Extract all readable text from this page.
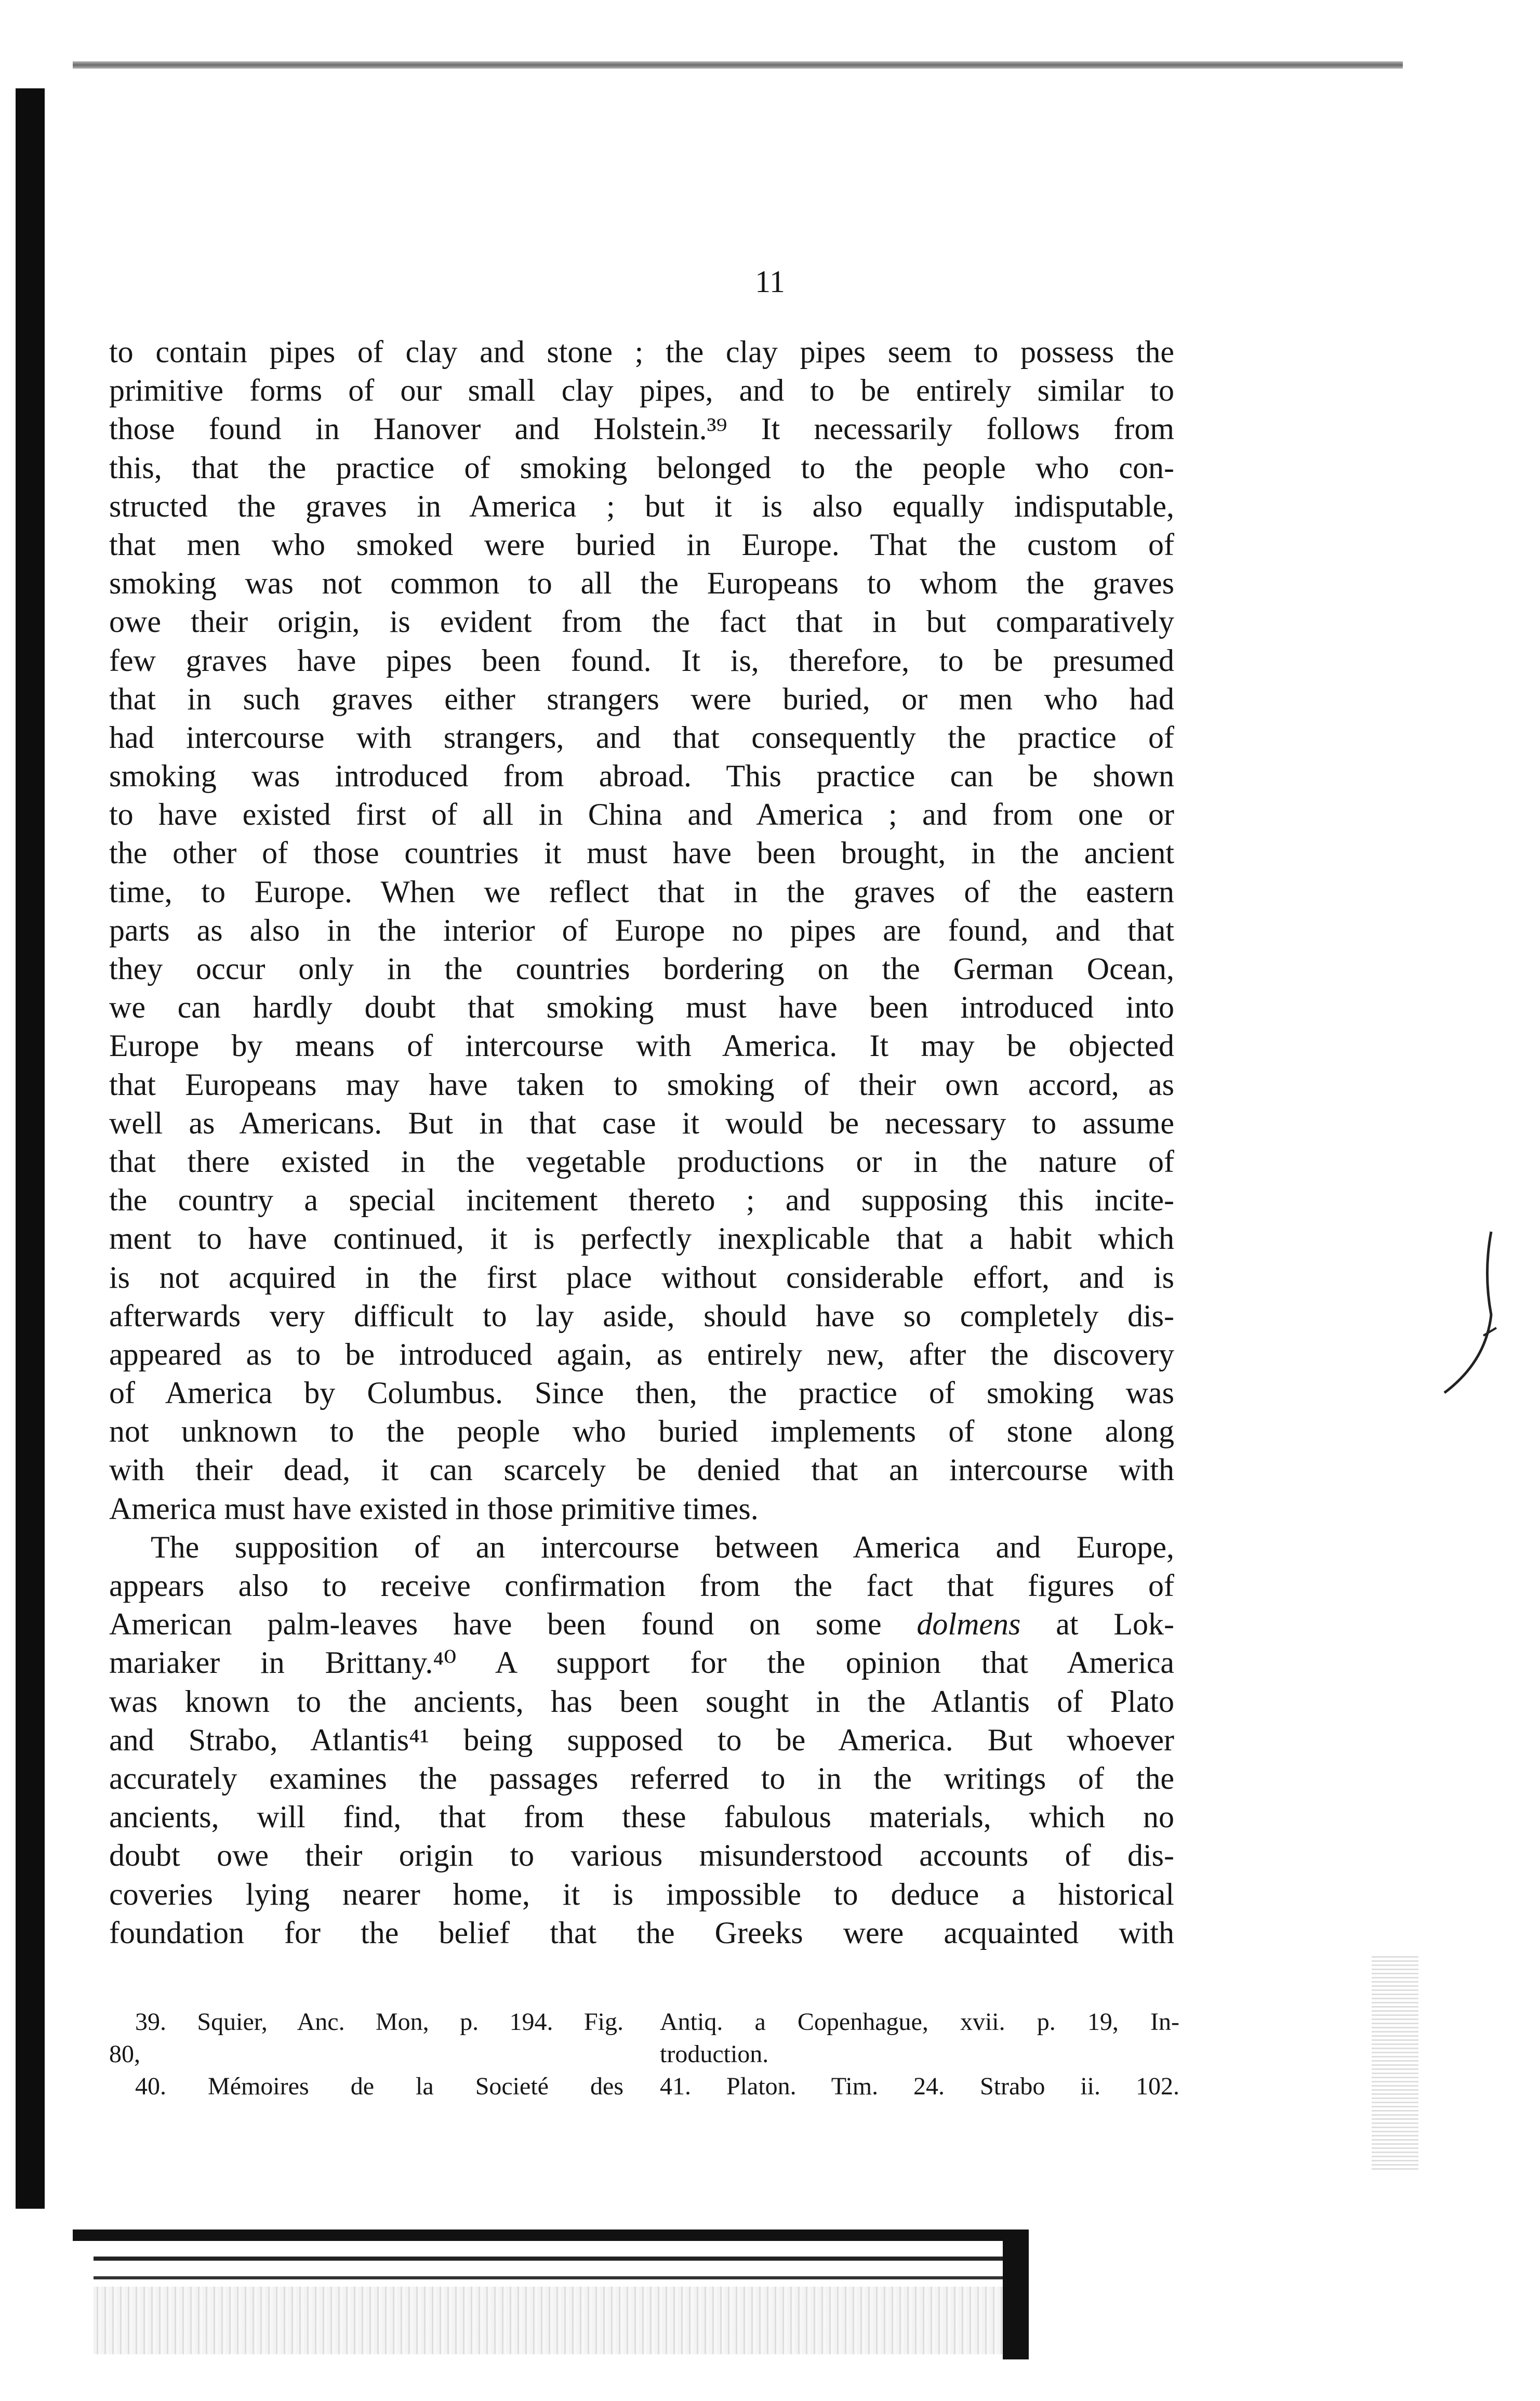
11
to contain pipes of clay and stone ; the clay pipes seem to possess the
primitive forms of our small clay pipes, and to be entirely similar to
those found in Hanover and Holstein.³⁹ It necessarily follows from
this, that the practice of smoking belonged to the people who con-
structed the graves in America ; but it is also equally indisputable,
that men who smoked were buried in Europe. That the custom of
smoking was not common to all the Europeans to whom the graves
owe their origin, is evident from the fact that in but comparatively
few graves have pipes been found. It is, therefore, to be presumed
that in such graves either strangers were buried, or men who had
had intercourse with strangers, and that consequently the practice of
smoking was introduced from abroad. This practice can be shown
to have existed first of all in China and America ; and from one or
the other of those countries it must have been brought, in the ancient
time, to Europe. When we reflect that in the graves of the eastern
parts as also in the interior of Europe no pipes are found, and that
they occur only in the countries bordering on the German Ocean,
we can hardly doubt that smoking must have been introduced into
Europe by means of intercourse with America. It may be objected
that Europeans may have taken to smoking of their own accord, as
well as Americans. But in that case it would be necessary to assume
that there existed in the vegetable productions or in the nature of
the country a special incitement thereto ; and supposing this incite-
ment to have continued, it is perfectly inexplicable that a habit which
is not acquired in the first place without considerable effort, and is
afterwards very difficult to lay aside, should have so completely dis-
appeared as to be introduced again, as entirely new, after the discovery
of America by Columbus. Since then, the practice of smoking was
not unknown to the people who buried implements of stone along
with their dead, it can scarcely be denied that an intercourse with
America must have existed in those primitive times.
The supposition of an intercourse between America and Europe,
appears also to receive confirmation from the fact that figures of
American palm-leaves have been found on some dolmens at Lok-
mariaker in Brittany.⁴⁰ A support for the opinion that America
was known to the ancients, has been sought in the Atlantis of Plato
and Strabo, Atlantis⁴¹ being supposed to be America. But whoever
accurately examines the passages referred to in the writings of the
ancients, will find, that from these fabulous materials, which no
doubt owe their origin to various misunderstood accounts of dis-
coveries lying nearer home, it is impossible to deduce a historical
foundation for the belief that the Greeks were acquainted with
39. Squier, Anc. Mon, p. 194. Fig.
80,
40. Mémoires de la Societé des
Antiq. a Copenhague, xvii. p. 19, In-
troduction.
41. Platon. Tim. 24. Strabo ii. 102.
